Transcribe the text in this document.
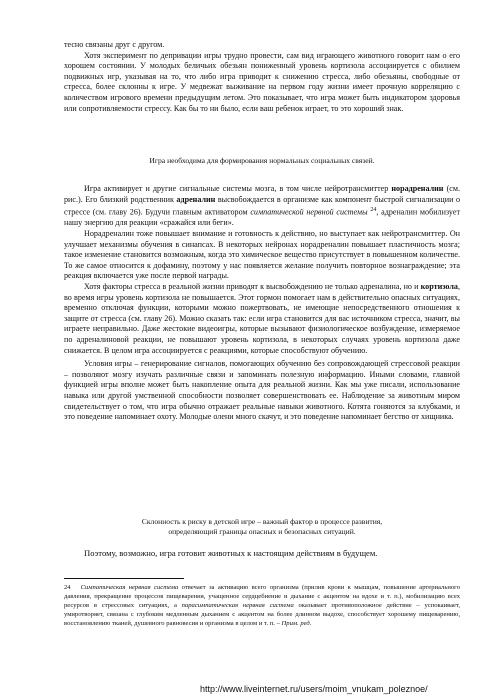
тесно связаны друг с другом.

Хотя эксперимент по депривации игры трудно провести, сам вид играющего животного говорит нам о его хорошем состоянии. У молодых беличьих обезьян пониженный уровень кортизола ассоциируется с обилием подвижных игр, указывая на то, что либо игра приводит к снижению стресса, либо обезьяны, свободные от стресса, более склонны к игре. У медвежат выживание на первом году жизни имеет прочную корреляцию с количеством игрового времени предыдущим летом. Это показывает, что игра может быть индикатором здоровья или сопротивляемости стрессу. Как бы то ни было, если ваш ребенок играет, то это хороший знак.

Игра необходима для формирования нормальных социальных связей.

Игра активирует и другие сигнальные системы мозга, в том числе нейротрансмиттер норадреналин (см. рис.). Его близкий родственник адреналин высвобождается в организме как компонент быстрой сигнализации о стрессе (см. главу 26). Будучи главным активатором симпатической нервной системы $^{24}$, адреналин мобилизует нашу энергию для реакции «сражайся или беги».

Норадреналин тоже повышает внимание и готовность к действию, но выступает как нейротрансмиттер. Он улучшает механизмы обучения в синапсах. В некоторых нейронах норадреналин повышает пластичность мозга; такое изменение становится возможным, когда это химическое вещество присутствует в повышенном количестве. То же самое относится к дофамину, поэтому у нас появляется желание получить повторное вознаграждение; эта реакция включается уже после первой награды.

Хотя факторы стресса в реальной жизни приводят к высвобождению не только адреналина, но и кортизола, во время игры уровень кортизола не повышается. Этот гормон помогает нам в действительно опасных ситуациях, временно отключая функции, которыми можно пожертвовать, не имеющие непосредственного отношения к защите от стресса (см. главу 26). Можно сказать так: если игра становится для вас источником стресса, значит, вы играете неправильно. Даже жестокие видеоигры, которые вызывают физиологическое возбуждение, измеряемое по адреналиновой реакции, не повышают уровень кортизола, в некоторых случаях уровень кортизола даже снижается. В целом игра ассоциируется с реакциями, которые способствуют обучению.

Условия игры – генерирование сигналов, помогающих обучению без сопровождающей стрессовой реакции – позволяют мозгу изучать различные связи и запоминать полезную информацию. Иными словами, главной функцией игры вполне может быть накопление опыта для реальной жизни. Как мы уже писали, использование навыка или другой умственной способности позволяет совершенствовать ее. Наблюдение за животным миром свидетельствует о том, что игра обычно отражает реальные навыки животного. Котята гоняются за клубками, и это поведение напоминает охоту. Молодые олени много скачут, и это поведение напоминает бегство от хищника.

Склонность к риску в детской игре – важный фактор в процессе развития,

определяющий границы опасных и безопасных ситуаций.

Поэтому, возможно, игра готовит животных к настоящим действиям в будущем.

24 Симпатическая нервная система отвечает за активацию всего организма (прилив крови к мышцам, повышение артериального давления, прекращение процессов пищеварения, учащенное сердцебиение и дыхание с акцентом на вдохе и т. п.), мобилизацию всех ресурсов в стрессовых ситуациях, а парасимпатическая нервная система оказывает противоположное действие – успокаивает, умиротворяет, связана с глубоким медленным дыханием с акцентом на более длинном выдохе, способствует хорошему пищеварению, восстановлению тканей, душевного равновесия и организма в целом и т. п. – Прим. ред.
http://www.liveinternet.ru/users/moim_vnukam_poleznoe/
